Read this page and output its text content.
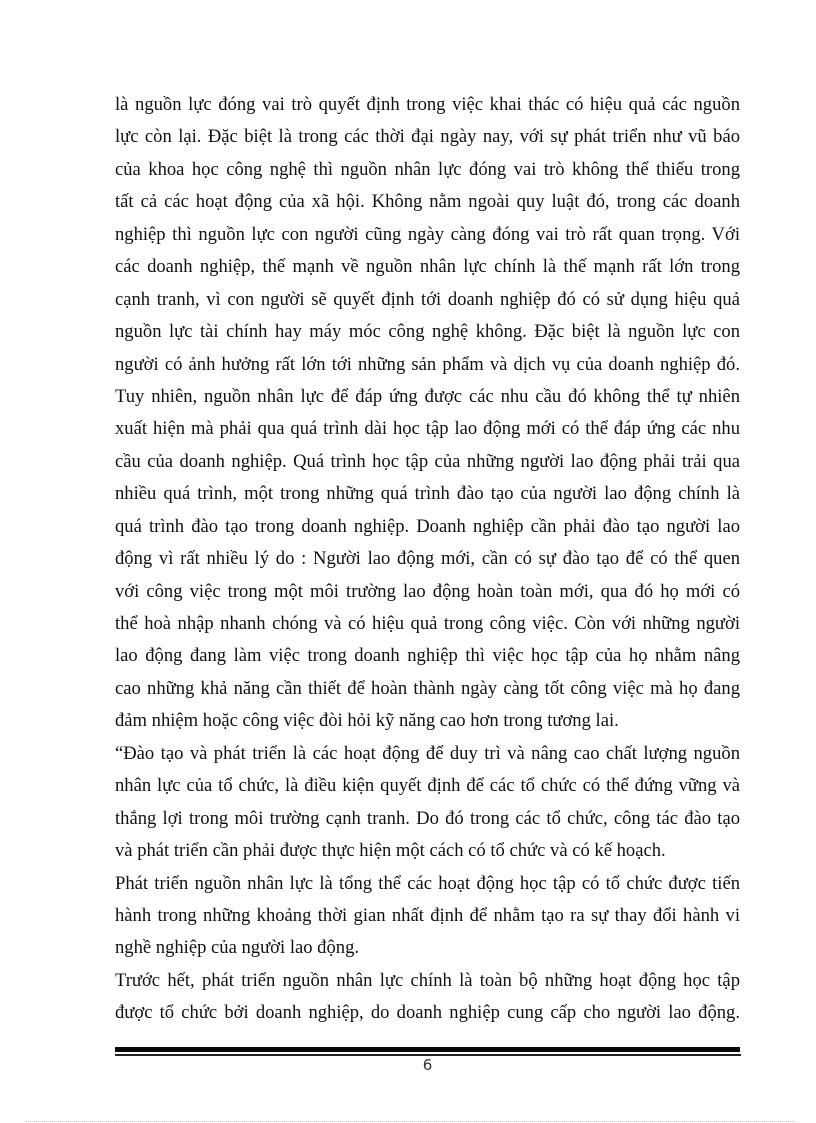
là nguồn lực đóng vai trò quyết định trong việc khai thác có hiệu quả các nguồn
lực còn lại. Đặc biệt là trong các thời đại ngày nay, với sự phát triển như vũ báo
của khoa học công nghệ thì nguồn nhân lực đóng vai trò không thể thiếu trong
tất cả các hoạt động của xã hội. Không nằm ngoài quy luật đó, trong các doanh
nghiệp thì nguồn lực con người cũng ngày càng đóng vai trò rất quan trọng. Với
các doanh nghiệp, thế mạnh về nguồn nhân lực chính là thế mạnh rất lớn trong
cạnh tranh, vì con người sẽ quyết định tới doanh nghiệp đó có sử dụng hiệu quả
nguồn lực tài chính hay máy móc công nghệ không. Đặc biệt là nguồn lực con
người có ảnh hưởng rất lớn tới những sản phẩm và dịch vụ của doanh nghiệp đó.
Tuy nhiên, nguồn nhân lực để đáp ứng được các nhu cầu đó không thể tự nhiên
xuất hiện mà phải qua quá trình dài học tập lao động mới có thể đáp ứng các nhu
cầu của doanh nghiệp. Quá trình học tập của những người lao động phải trải qua
nhiều quá trình, một trong những quá trình đào tạo của người lao động chính là
quá trình đào tạo trong doanh nghiệp. Doanh nghiệp cần phải đào tạo người lao
động vì rất nhiều lý do : Người lao động mới, cần có sự đào tạo để có thể quen
với công việc trong một môi trường lao động hoàn toàn mới, qua đó họ mới có
thể hoà nhập nhanh chóng và có hiệu quả trong công việc. Còn với những người
lao động đang làm việc trong doanh nghiệp thì việc học tập của họ nhằm nâng
cao những khả năng cần thiết để hoàn thành ngày càng tốt công việc mà họ đang
đảm nhiệm hoặc công việc đòi hỏi kỹ năng cao hơn trong tương lai.
“Đào tạo và phát triển là các hoạt động để duy trì và nâng cao chất lượng nguồn
nhân lực của tổ chức, là điều kiện quyết định để các tổ chức có thể đứng vững và
thắng lợi trong môi trường cạnh tranh. Do đó trong các tổ chức, công tác đào tạo
và phát triển cần phải được thực hiện một cách có tổ chức và có kế hoạch.
Phát triển nguồn nhân lực là tổng thể các hoạt động học tập có tổ chức được tiến
hành trong những khoảng thời gian nhất định để nhằm tạo ra sự thay đổi hành vi
nghề nghiệp của người lao động.
Trước hết, phát triển nguồn nhân lực chính là toàn bộ những hoạt động học tập
được tổ chức bởi doanh nghiệp, do doanh nghiệp cung cấp cho người lao động.
6
